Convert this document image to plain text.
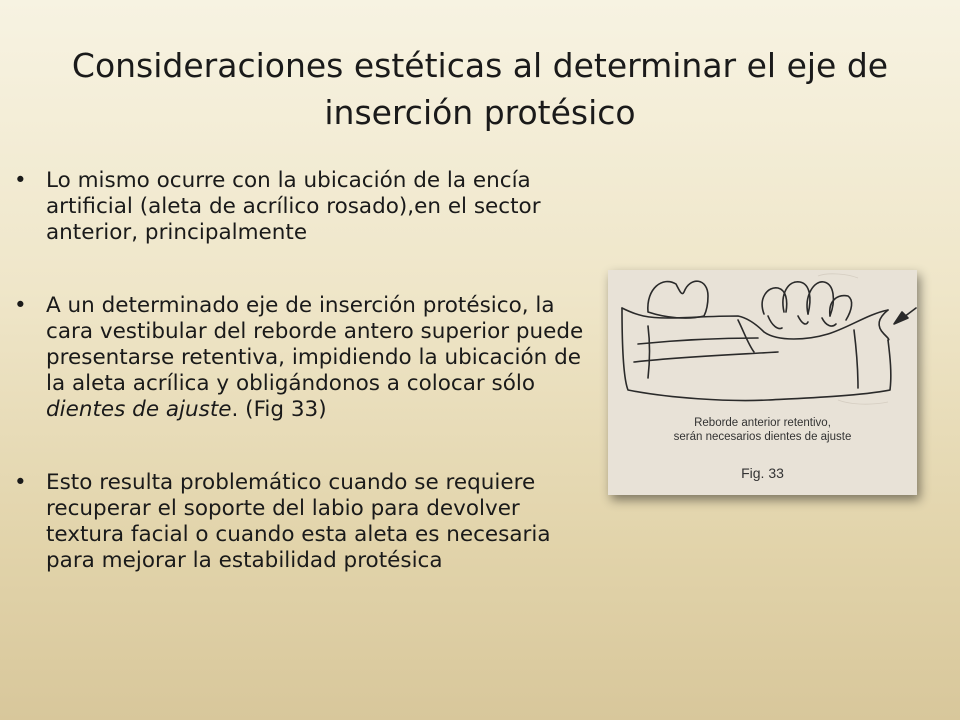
Consideraciones estéticas al determinar el eje de inserción protésico
• Lo mismo ocurre con la ubicación de la encía artificial (aleta de acrílico rosado),en el sector anterior, principalmente
• A un determinado eje de inserción protésico, la cara vestibular del reborde antero superior puede presentarse retentiva, impidiendo la ubicación de la aleta acrílica y obligándonos a colocar sólo dientes de ajuste. (Fig 33)
• Esto resulta problemático cuando se requiere recuperar el soporte del labio para devolver textura facial o cuando esta aleta es necesaria para mejorar la estabilidad protésica
Reborde anterior retentivo,
serán necesarios dientes de ajuste
Fig. 33
